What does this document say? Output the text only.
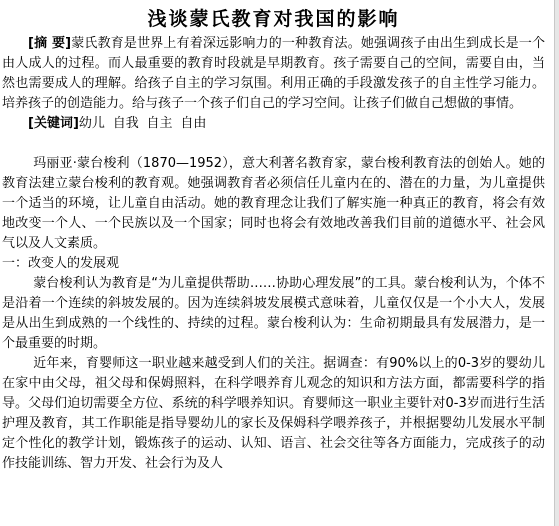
浅谈蒙氏教育对我国的影响

[摘 要]蒙氏教育是世界上有着深远影响力的一种教育法。她强调孩子由出生到成长是一个由人成人的过程。而人最重要的教育时段就是早期教育。孩子需要自己的空间，需要自由，当然也需要成人的理解。给孩子自主的学习氛围。利用正确的手段激发孩子的自主性学习能力。培养孩子的创造能力。给与孩子一个孩子们自己的学习空间。让孩子们做自己想做的事情。

[关键词]幼儿 自我 自主 自由

玛丽亚·蒙台梭利（1870—1952），意大利著名教育家，蒙台梭利教育法的创始人。她的教育法建立蒙台梭利的教育观。她强调教育者必须信任儿童内在的、潜在的力量，为儿童提供一个适当的环境，让儿童自由活动。她的教育理念让我们了解实施一种真正的教育，将会有效地改变一个人、一个民族以及一个国家；同时也将会有效地改善我们目前的道德水平、社会风气以及人文素质。

一：改变人的发展观

蒙台梭利认为教育是“为儿童提供帮助……协助心理发展”的工具。蒙台梭利认为，个体不是沿着一个连续的斜坡发展的。因为连续斜坡发展模式意味着，儿童仅仅是一个小大人，发展是从出生到成熟的一个线性的、持续的过程。蒙台梭利认为：生命初期最具有发展潜力，是一个最重要的时期。

近年来，育婴师这一职业越来越受到人们的关注。据调查：有90%以上的0-3岁的婴幼儿在家中由父母，祖父母和保姆照料，在科学喂养育儿观念的知识和方法方面，都需要科学的指导。父母们迫切需要全方位、系统的科学喂养知识。育婴师这一职业主要针对0-3岁而进行生活护理及教育，其工作职能是指导婴幼儿的家长及保姆科学喂养孩子，并根据婴幼儿发展水平制定个性化的教学计划，锻炼孩子的运动、认知、语言、社会交往等各方面能力，完成孩子的动作技能训练、智力开发、社会行为及人
